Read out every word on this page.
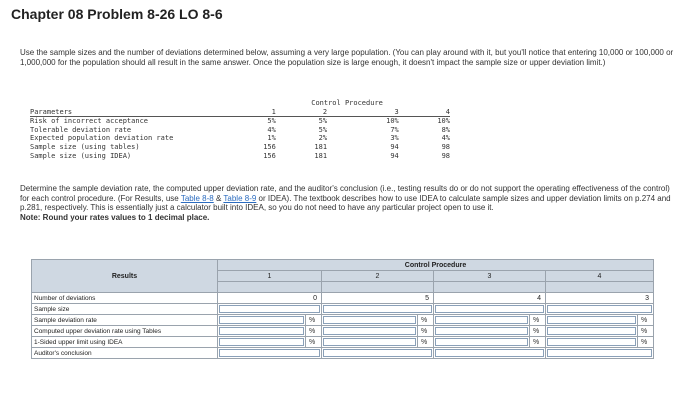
Chapter 08 Problem 8-26 LO 8-6
Use the sample sizes and the number of deviations determined below, assuming a very large population. (You can play around with it, but you'll notice that entering 10,000 or 100,000 or 1,000,000 for the population should all result in the same answer. Once the population size is large enough, it doesn't impact the sample size or upper deviation limit.)
	Control Procedure			
Parameters	1	2	3	4
Risk of incorrect acceptance	5%	5%	10%	10%
Tolerable deviation rate	4%	5%	7%	8%
Expected population deviation rate	1%	2%	3%	4%
Sample size (using tables)	156	181	94	98
Sample size (using IDEA)	156	181	94	98
Determine the sample deviation rate, the computed upper deviation rate, and the auditor's conclusion (i.e., testing results do or do not support the operating effectiveness of the control) for each control procedure. (For Results, use Table 8-8 & Table 8-9 or IDEA). The textbook describes how to use IDEA to calculate sample sizes and upper deviation limits on p.274 and p.281, respectively. This is essentially just a calculator built into IDEA, so you do not need to have any particular project open to use it.
Note: Round your rates values to 1 decimal place.
Results	Control Procedure							
	1		2		3		4	

Number of deviations	0		5		4		3	
Sample size					

Sample deviation rate		%		%		%		%
Computed upper deviation rate using Tables		%		%		%		%
1-Sided upper limit using IDEA		%		%		%		%
Auditor's conclusion					
